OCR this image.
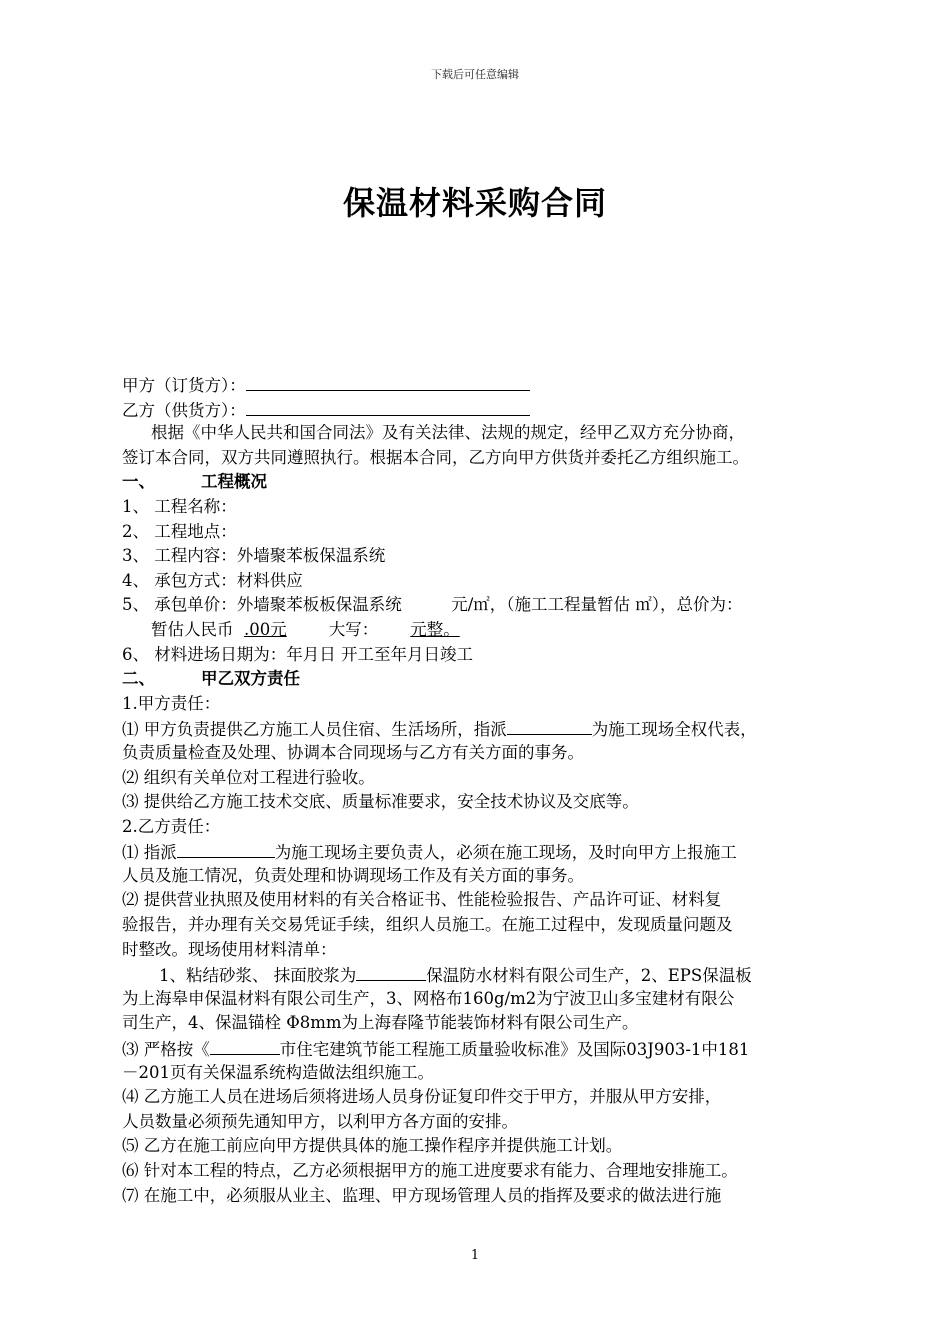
下载后可任意编辑
保温材料采购合同
甲方（订货方）：
乙方（供货方）：
根据《中华人民共和国合同法》及有关法律、法规的规定，经甲乙双方充分协商，
签订本合同，双方共同遵照执行。根据本合同，乙方向甲方供货并委托乙方组织施工。
一、	工程概况
1、 工程名称：
2、 工程地点：
3、 工程内容：外墙聚苯板保温系统
4、 承包方式：材料供应
5、 承包单价：外墙聚苯板板保温系统　　　元/㎡，（施工工程量暂估 ㎡），总价为：
暂估人民币 .00元	大写： 元整。
6、 材料进场日期为：年月日 开工至年月日竣工
二、	甲乙双方责任
1.甲方责任：
⑴ 甲方负责提供乙方施工人员住宿、生活场所，指派	为施工现场全权代表，
负责质量检查及处理、协调本合同现场与乙方有关方面的事务。
⑵ 组织有关单位对工程进行验收。
⑶ 提供给乙方施工技术交底、质量标准要求，安全技术协议及交底等。
2.乙方责任：
⑴ 指派	为施工现场主要负责人，必须在施工现场，及时向甲方上报施工
人员及施工情况，负责处理和协调现场工作及有关方面的事务。
⑵ 提供营业执照及使用材料的有关合格证书、性能检验报告、产品许可证、材料复
验报告，并办理有关交易凭证手续，组织人员施工。在施工过程中，发现质量问题及
时整改。现场使用材料清单：
1、粘结砂浆、 抹面胶浆为	保温防水材料有限公司生产，2、EPS保温板
为上海皋申保温材料有限公司生产，3、网格布160g/m2为宁波卫山多宝建材有限公
司生产，4、保温锚栓 Φ8mm为上海春隆节能装饰材料有限公司生产。
⑶ 严格按《	市住宅建筑节能工程施工质量验收标准》及国际03J903-1中181
－201页有关保温系统构造做法组织施工。
⑷ 乙方施工人员在进场后须将进场人员身份证复印件交于甲方，并服从甲方安排，
人员数量必须预先通知甲方，以利甲方各方面的安排。
⑸ 乙方在施工前应向甲方提供具体的施工操作程序并提供施工计划。
⑹ 针对本工程的特点，乙方必须根据甲方的施工进度要求有能力、合理地安排施工。
⑺ 在施工中，必须服从业主、监理、甲方现场管理人员的指挥及要求的做法进行施
1
